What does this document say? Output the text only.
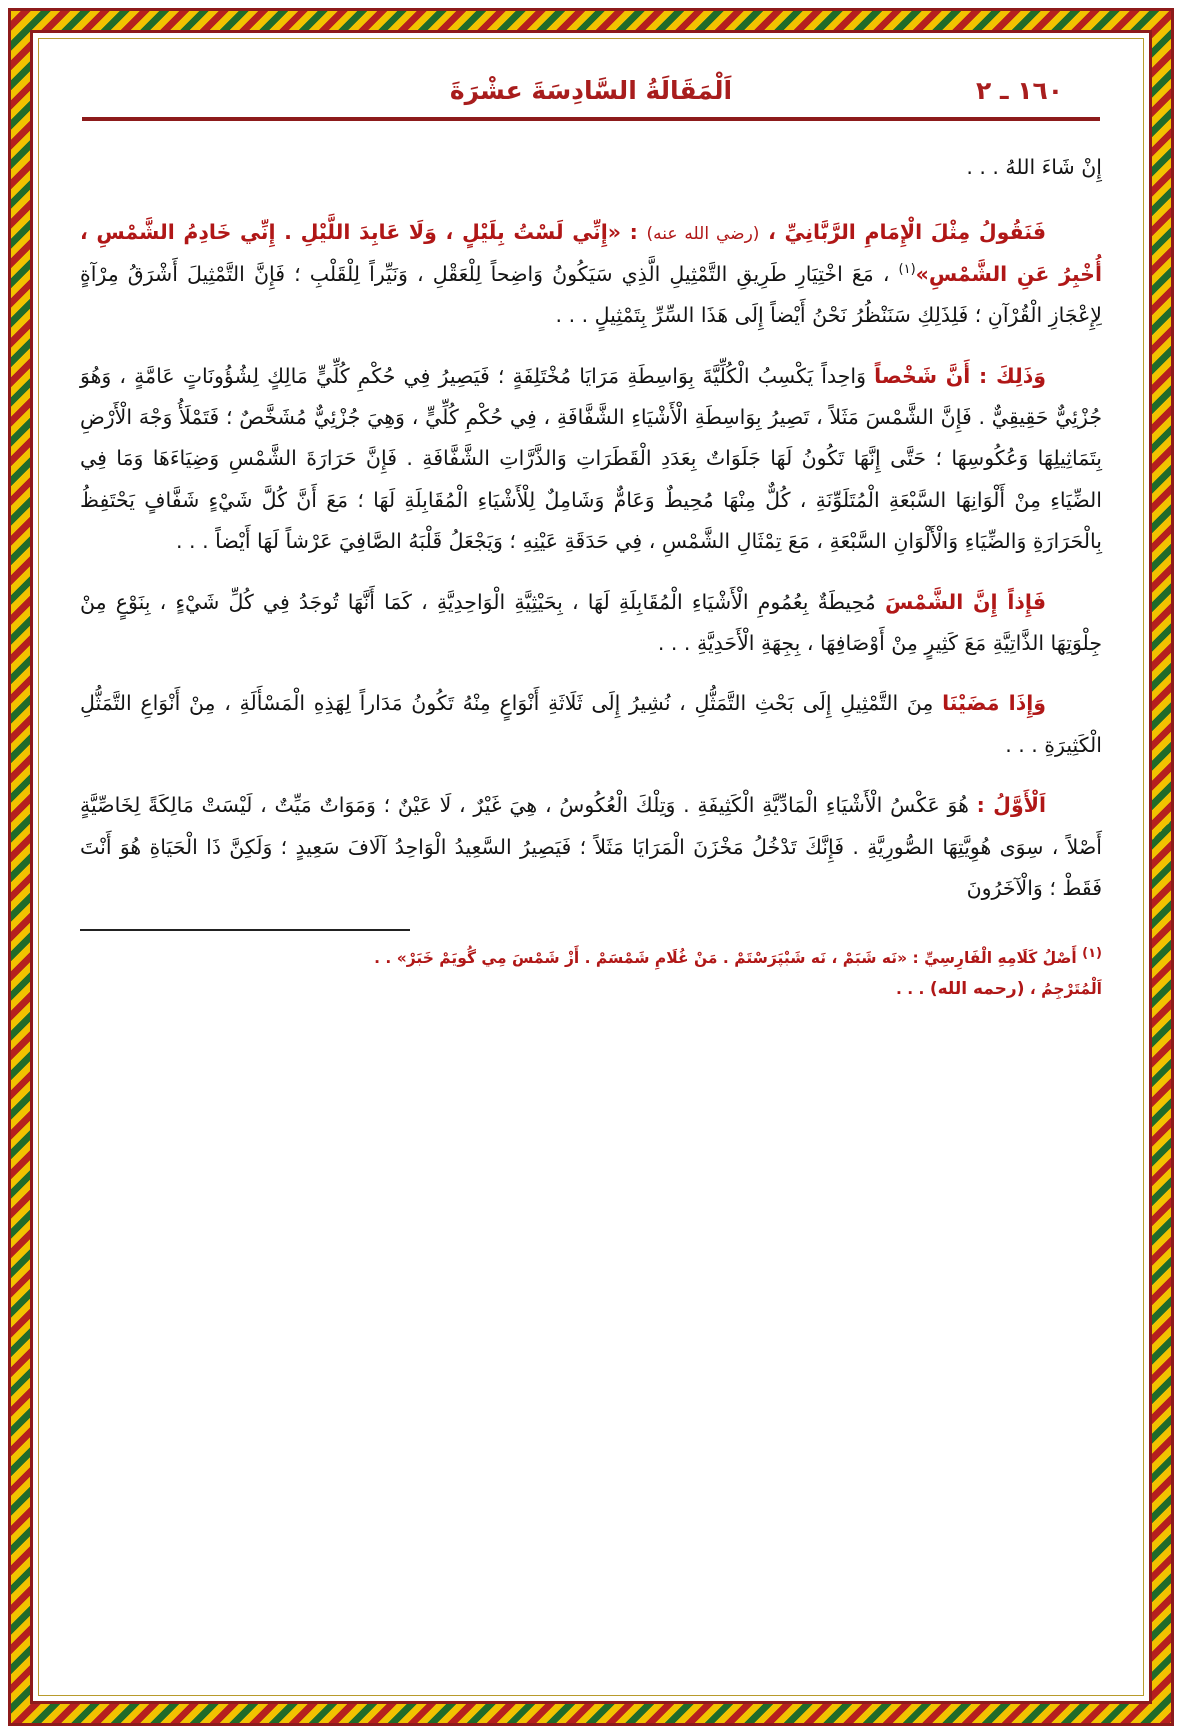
١٦٠ ـ ٢
اَلْمَقَالَةُ السَّادِسَةَ عشْرَةَ

إِنْ شَاءَ اللهُ . . .

فَنَقُولُ مِثْلَ الْإِمَامِ الرَّبَّانِيِّ ، (رضي الله عنه) : «إِنِّي لَسْتُ بِلَيْلٍ ، وَلَا عَابِدَ اللَّيْلِ . إِنِّي خَادِمُ الشَّمْسِ ، أُخْبِرُ عَنِ الشَّمْسِ»$^{(١)}$ ، مَعَ اخْتِيَارِ طَرِيقِ التَّمْثِيلِ الَّذِي سَيَكُونُ وَاضِحاً لِلْعَقْلِ ، وَنَيِّراً لِلْقَلْبِ ؛ فَإِنَّ التَّمْثِيلَ أَشْرَقُ مِرْآةٍ لِإِعْجَازِ الْقُرْآنِ ؛ فَلِذَلِكِ سَنَنْظُرُ نَحْنُ أَيْضاً إِلَى هَذَا السِّرِّ بِتَمْثِيلٍ . . .

وَذَلِكَ : أَنَّ شَخْصاً وَاحِداً يَكْسِبُ الْكُلِّيَّةَ بِوَاسِطَةِ مَرَايَا مُخْتَلِفَةٍ ؛ فَيَصِيرُ فِي حُكْمِ كُلِّيٍّ مَالِكٍ لِشُؤُونَاتٍ عَامَّةٍ ، وَهُوَ جُزْئِيٌّ حَقِيقِيٌّ . فَإِنَّ الشَّمْسَ مَثَلاً ، تَصِيرُ بِوَاسِطَةِ الْأَشْيَاءِ الشَّفَّافَةِ ، فِي حُكْمِ كُلِّيٍّ ، وَهِيَ جُزْئِيٌّ مُشَخَّصٌ ؛ فَتَمْلَأُ وَجْهَ الْأَرْضِ بِتَمَاثِيلِهَا وَعُكُوسِهَا ؛ حَتَّى إِنَّهَا تَكُونُ لَهَا جَلَوَاتٌ بِعَدَدِ الْقَطَرَاتِ وَالذَّرَّاتِ الشَّفَّافَةِ . فَإِنَّ حَرَارَةَ الشَّمْسِ وَضِيَاءَهَا وَمَا فِي الضِّيَاءِ مِنْ أَلْوَانِهَا السَّبْعَةِ الْمُتَلَوِّنَةِ ، كُلٌّ مِنْهَا مُحِيطٌ وَعَامٌّ وَشَامِلٌ لِلْأَشْيَاءِ الْمُقَابِلَةِ لَهَا ؛ مَعَ أَنَّ كُلَّ شَيْءٍ شَفَّافٍ يَحْتَفِظُ بِالْحَرَارَةِ وَالضِّيَاءِ وَالْأَلْوَانِ السَّبْعَةِ ، مَعَ تِمْثَالِ الشَّمْسِ ، فِي حَدَقَةِ عَيْنِهِ ؛ وَيَجْعَلُ قَلْبَهُ الصَّافِيَ عَرْشاً لَهَا أَيْضاً . . .

فَإِذاً إِنَّ الشَّمْسَ مُحِيطَةٌ بِعُمُومِ الْأَشْيَاءِ الْمُقَابِلَةِ لَهَا ، بِحَيْثِيَّةِ الْوَاحِدِيَّةِ ، كَمَا أَنَّهَا تُوجَدُ فِي كُلِّ شَيْءٍ ، بِنَوْعٍ مِنْ جِلْوَتِهَا الذَّاتِيَّةِ مَعَ كَثِيرٍ مِنْ أَوْصَافِهَا ، بِجِهَةِ الْأَحَدِيَّةِ . . .

وَإِذَا مَضَيْنَا مِنَ التَّمْثِيلِ إِلَى بَحْثِ التَّمَثُّلِ ، نُشِيرُ إِلَى ثَلَاثَةِ أَنْوَاعٍ مِنْهُ تَكُونُ مَدَاراً لِهَذِهِ الْمَسْأَلَةِ ، مِنْ أَنْوَاعِ التَّمَثُّلِ الْكَثِيرَةِ . . .

اَلْأَوَّلُ : هُوَ عَكْسُ الْأَشْيَاءِ الْمَادِّيَّةِ الْكَثِيفَةِ . وَتِلْكَ الْعُكُوسُ ، هِيَ غَيْرٌ ، لَا عَيْنٌ ؛ وَمَوَاتٌ مَيِّتٌ ، لَيْسَتْ مَالِكَةً لِخَاصِّيَّةٍ أَصْلاً ، سِوَى هُوِيَّتِهَا الصُّورِيَّةِ . فَإِنَّكَ تَدْخُلُ مَخْزَنَ الْمَرَايَا مَثَلاً ؛ فَيَصِيرُ السَّعِيدُ الْوَاحِدُ آلَافَ سَعِيدٍ ؛ وَلَكِنَّ ذَا الْحَيَاةِ هُوَ أَنْتَ فَقَطْ ؛ وَالْآخَرُونَ

$^{(١)}$ أَصْلُ كَلَامِهِ الْفَارِسِيِّ : «نَه شَبَمْ ، نَه شَبْپَرَسْتَمْ . مَنْ غُلَامِ شَمْسَمْ . أَزْ شَمْسَ مِي گُويَمْ خَبَرْ» . .
اَلْمُتَرْجِمُ ، (رحمه الله) . . .
